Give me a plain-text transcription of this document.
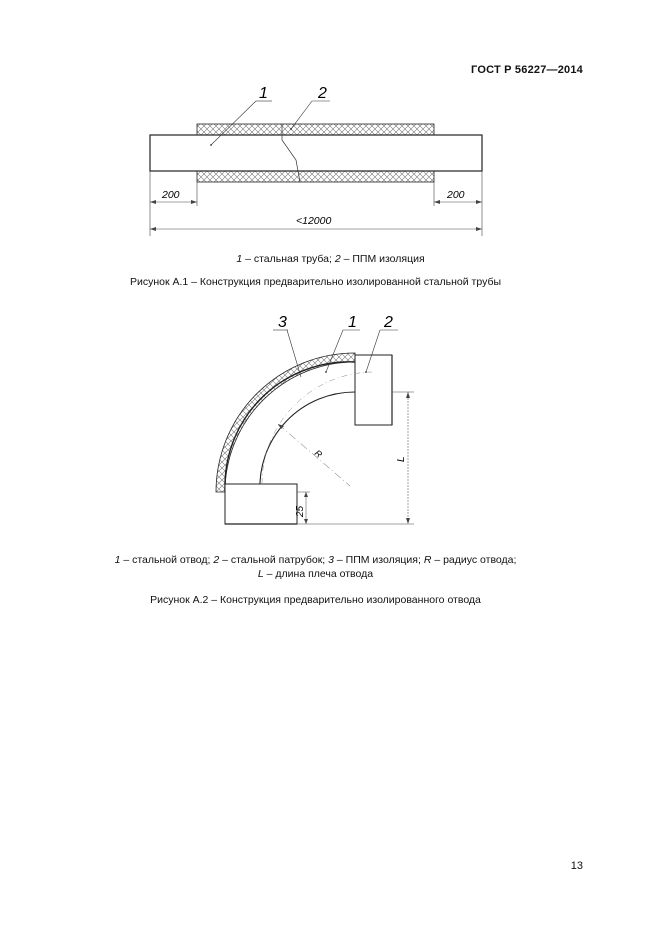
ГОСТ Р 56227—2014
1	2
200	200
<12000
R
3	1 2
L
25
1 – стальная труба; 2 – ППМ изоляция
Рисунок А.1 – Конструкция предварительно изолированной стальной трубы
1 – стальной отвод; 2 – стальной патрубок; 3 – ППМ изоляция; R – радиус отвода;
L – длина плеча отвода
Рисунок А.2 – Конструкция предварительно изолированного отвода
13
